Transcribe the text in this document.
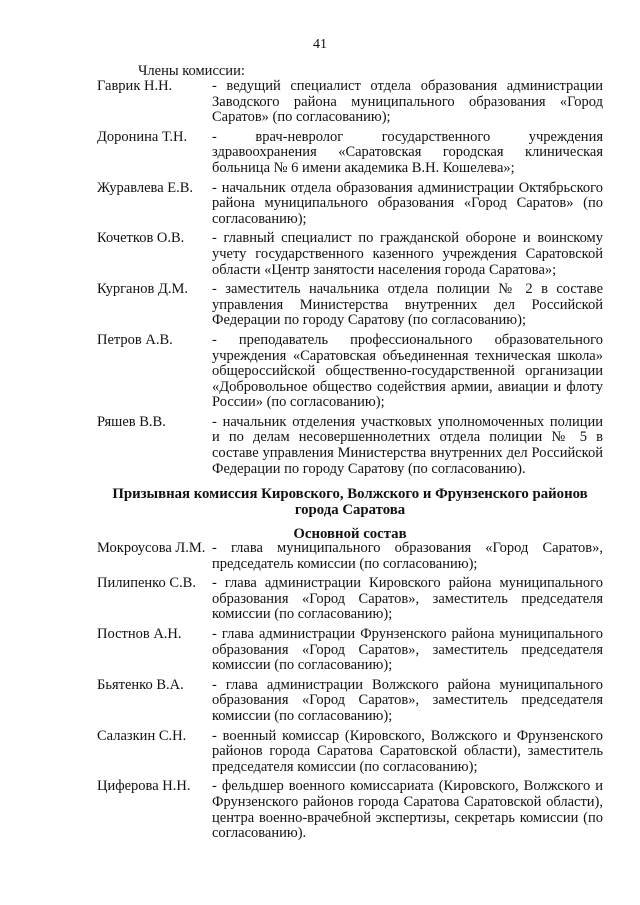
41
Члены комиссии:
Гаврик Н.Н.	- ведущий специалист отдела образования администрации Заводского района муниципального образования «Город Саратов» (по согласованию);
Доронина Т.Н.	- врач-невролог государственного учреждения здравоохранения «Саратовская городская клиническая больница № 6 имени академика В.Н. Кошелева»;
Журавлева Е.В.	- начальник отдела образования администрации Октябрьского района муниципального образования «Город Саратов» (по согласованию);
Кочетков О.В.	- главный специалист по гражданской обороне и воинскому учету государственного казенного учреждения Саратовской области «Центр занятости населения города Саратова»;
Курганов Д.М.	- заместитель начальника отдела полиции № 2 в составе управления Министерства внутренних дел Российской Федерации по городу Саратову (по согласованию);
Петров А.В.	- преподаватель профессионального образовательного учреждения «Саратовская объединенная техническая школа» общероссийской общественно-государственной организации «Добровольное общество содействия армии, авиации и флоту России» (по согласованию);
Ряшев В.В.	- начальник отделения участковых уполномоченных полиции и по делам несовершеннолетних отдела полиции № 5 в составе управления Министерства внутренних дел Российской Федерации по городу Саратову (по согласованию).
Призывная комиссия Кировского, Волжского и Фрунзенского районов города Саратова
Основной состав
Мокроусова Л.М. - глава муниципального образования «Город Саратов», председатель комиссии (по согласованию);
Пилипенко С.В.	- глава администрации Кировского района муниципального образования «Город Саратов», заместитель председателя комиссии (по согласованию);
Постнов А.Н.	- глава администрации Фрунзенского района муниципального образования «Город Саратов», заместитель председателя комиссии (по согласованию);
Бьятенко В.А.	- глава администрации Волжского района муниципального образования «Город Саратов», заместитель председателя комиссии (по согласованию);
Салазкин С.Н.	- военный комиссар (Кировского, Волжского и Фрунзенского районов города Саратова Саратовской области), заместитель председателя комиссии (по согласованию);
Циферова Н.Н.	- фельдшер военного комиссариата (Кировского, Волжского и Фрунзенского районов города Саратова Саратовской области), центра военно-врачебной экспертизы, секретарь комиссии (по согласованию).
